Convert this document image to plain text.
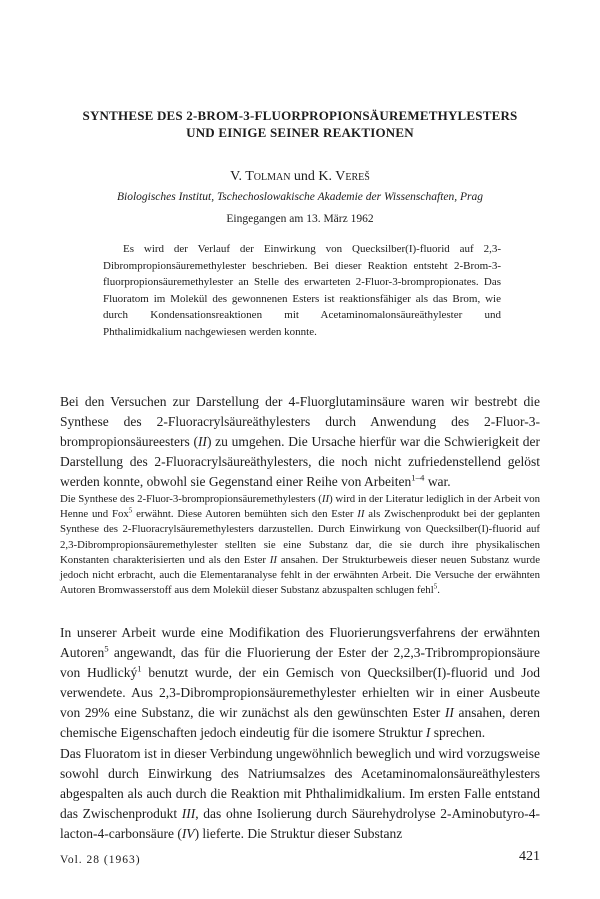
SYNTHESE DES 2-BROM-3-FLUORPROPIONSÄUREMETHYLESTERS
UND EINIGE SEINER REAKTIONEN
V. Tolman und K. Vereš
Biologisches Institut, Tschechoslowakische Akademie der Wissenschaften, Prag
Eingegangen am 13. März 1962

Es wird der Verlauf der Einwirkung von Quecksilber(I)-fluorid auf 2,3-Dibrompropionsäuremethylester beschrieben. Bei dieser Reaktion entsteht 2-Brom-3-fluorpropionsäuremethylester an Stelle des erwarteten 2-Fluor-3-brompropionates. Das Fluoratom im Molekül des gewonnenen Esters ist reaktionsfähiger als das Brom, wie durch Kondensationsreaktionen mit Acetaminomalonsäureäthylester und Phthalimidkalium nachgewiesen werden konnte.

Bei den Versuchen zur Darstellung der 4-Fluorglutaminsäure waren wir bestrebt die Synthese des 2-Fluoracrylsäureäthylesters durch Anwendung des 2-Fluor-3-brompropionsäureesters (II) zu umgehen. Die Ursache hierfür war die Schwierigkeit der Darstellung des 2-Fluoracrylsäureäthylesters, die noch nicht zufriedenstellend gelöst werden konnte, obwohl sie Gegenstand einer Reihe von Arbeiten$^{1-4}$ war.

Die Synthese des 2-Fluor-3-brompropionsäuremethylesters (II) wird in der Literatur lediglich in der Arbeit von Henne und Fox$^5$ erwähnt. Diese Autoren bemühten sich den Ester II als Zwischenprodukt bei der geplanten Synthese des 2-Fluoracrylsäuremethylesters darzustellen. Durch Einwirkung von Quecksilber(I)-fluorid auf 2,3-Dibrompropionsäuremethylester stellten sie eine Substanz dar, die sie durch ihre physikalischen Konstanten charakterisierten und als den Ester II ansahen. Der Strukturbeweis dieser neuen Substanz wurde jedoch nicht erbracht, auch die Elementaranalyse fehlt in der erwähnten Arbeit. Die Versuche der erwähnten Autoren Bromwasserstoff aus dem Molekül dieser Substanz abzuspalten schlugen fehl$^5$.

In unserer Arbeit wurde eine Modifikation des Fluorierungsverfahrens der erwähnten Autoren$^5$ angewandt, das für die Fluorierung der Ester der 2,2,3-Tribrompropionsäure von Hudlický$^1$ benutzt wurde, der ein Gemisch von Quecksilber(I)-fluorid und Jod verwendete. Aus 2,3-Dibrompropionsäuremethylester erhielten wir in einer Ausbeute von 29% eine Substanz, die wir zunächst als den gewünschten Ester II ansahen, deren chemische Eigenschaften jedoch eindeutig für die isomere Struktur I sprechen.

Das Fluoratom ist in dieser Verbindung ungewöhnlich beweglich und wird vorzugsweise sowohl durch Einwirkung des Natriumsalzes des Acetaminomalonsäureäthylesters abgespalten als auch durch die Reaktion mit Phthalimidkalium. Im ersten Falle entstand das Zwischenprodukt III, das ohne Isolierung durch Säurehydrolyse 2-Aminobutyro-4-lacton-4-carbonsäure (IV) lieferte. Die Struktur dieser Substanz

Vol. 28 (1963)	421
